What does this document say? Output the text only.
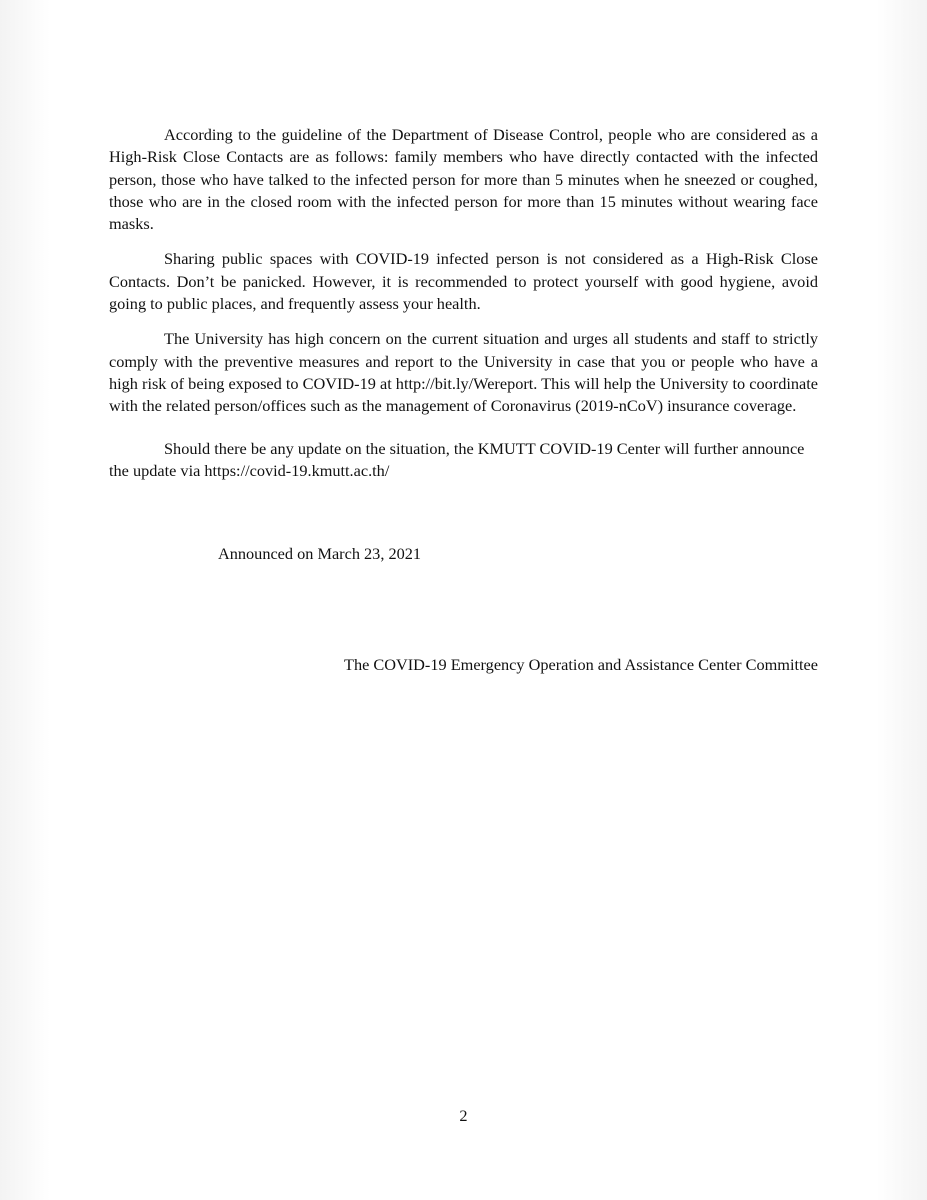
According to the guideline of the Department of Disease Control, people who are considered as a High-Risk Close Contacts are as follows: family members who have directly contacted with the infected person, those who have talked to the infected person for more than 5 minutes when he sneezed or coughed, those who are in the closed room with the infected person for more than 15 minutes without wearing face masks.

Sharing public spaces with COVID-19 infected person is not considered as a High-Risk Close Contacts. Don’t be panicked. However, it is recommended to protect yourself with good hygiene, avoid going to public places, and frequently assess your health.

The University has high concern on the current situation and urges all students and staff to strictly comply with the preventive measures and report to the University in case that you or people who have a high risk of being exposed to COVID-19 at http://bit.ly/Wereport. This will help the University to coordinate with the related person/offices such as the management of Coronavirus (2019-nCoV) insurance coverage.

Should there be any update on the situation, the KMUTT COVID-19 Center will further announce the update via https://covid-19.kmutt.ac.th/

Announced on March 23, 2021
The COVID-19 Emergency Operation and Assistance Center Committee
2
